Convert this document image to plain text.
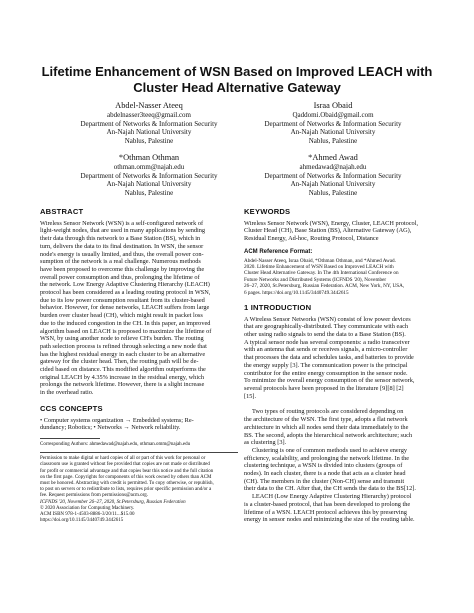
Lifetime Enhancement of WSN Based on Improved LEACH with
Cluster Head Alternative Gateway
Abdel-Nasser Ateeq
abdelnasser3teeq@gmail.com
Department of Networks & Information Security
An-Najah National University
Nablus, Palestine
Israa Obaid
Qaddomi.Obaid@gmail.com
Department of Networks & Information Security
An-Najah National University
Nablus, Palestine
*Othman Othman
othman.omm@najah.edu
Department of Networks & Information Security
An-Najah National University
Nablus, Palestine
*Ahmed Awad
ahmedawad@najah.edu
Department of Networks & Information Security
An-Najah National University
Nablus, Palestine
ABSTRACT
Wireless Sensor Network (WSN) is a self-configured network of
light-weight nodes, that are used in many applications by sending
their data through this network to a Base Station (BS), which in
turn, delivers the data to its final destination. In WSN, the sensor
node's energy is usually limited, and thus, the overall power con-
sumption of the network is a real challenge. Numerous methods
have been proposed to overcome this challenge by improving the
overall power consumption and thus, prolonging the lifetime of
the network. Low Energy Adaptive Clustering Hierarchy (LEACH)
protocol has been considered as a leading routing protocol in WSN,
due to its low power consumption resultant from its cluster-based
behavior. However, for dense networks, LEACH suffers from large
burden over cluster head (CH), which might result in packet loss
due to the induced congestion in the CH. In this paper, an improved
algorithm based on LEACH is proposed to maximize the lifetime of
WSN, by using another node to relieve CH's burden. The routing
path selection process is refined through selecting a new node that
has the highest residual energy in each cluster to be an alternative
gateway for the cluster head. Then, the routing path will be de-
cided based on distance. This modified algorithm outperforms the
original LEACH by 4.35% increase in the residual energy, which
prolongs the network lifetime. However, there is a slight increase
in the overhead ratio.
CCS CONCEPTS
• Computer systems organization → Embedded systems; Re-
dundancy; Robotics; • Networks → Network reliability.
Corresponding Authors: ahmedawad@najah.edu, othman.omm@najah.edu
Permission to make digital or hard copies of all or part of this work for personal or
classroom use is granted without fee provided that copies are not made or distributed
for profit or commercial advantage and that copies bear this notice and the full citation
on the first page. Copyrights for components of this work owned by others than ACM
must be honored. Abstracting with credit is permitted. To copy otherwise, or republish,
to post on servers or to redistribute to lists, requires prior specific permission and/or a
fee. Request permissions from permissions@acm.org.
ICFNDS '20, November 26–27, 2020, St.Petersburg, Russian Federation
© 2020 Association for Computing Machinery.
ACM ISBN 978-1-4503-8886-3/20/11...$15.00
https://doi.org/10.1145/3440749.3442615
KEYWORDS
Wireless Sensor Network (WSN), Energy, Cluster, LEACH protocol,
Cluster Head (CH), Base Station (BS), Alternative Gateway (AG),
Residual Energy, Ad-hoc, Routing Protocol, Distance
ACM Reference Format:
Abdel-Nasser Ateeq, Israa Obaid, *Othman Othman, and *Ahmed Awad.
2020. Lifetime Enhancement of WSN Based on Improved LEACH with
Cluster Head Alternative Gateway. In The 4th International Conference on
Future Networks and Distributed Systems (ICFNDS '20), November
26–27, 2020, St.Petersburg, Russian Federation. ACM, New York, NY, USA,
6 pages. https://doi.org/10.1145/3440749.3442615
1 INTRODUCTION
A Wireless Sensor Networks (WSN) consist of low power devices
that are geographically-distributed. They communicate with each
other using radio signals to send the data to a Base Station (BS).
A typical sensor node has several components: a radio transceiver
with an antenna that sends or receives signals, a micro-controller
that processes the data and schedules tasks, and batteries to provide
the energy supply [3]. The communication power is the principal
contributor for the entire energy consumption in the sensor node.
To minimize the overall energy consumption of the sensor network,
several protocols have been proposed in the literature [9][8] [2]
[15].
Two types of routing protocols are considered depending on
the architecture of the WSN. The first type, adopts a flat network
architecture in which all nodes send their data immediately to the
BS. The second, adopts the hierarchical network architecture; such
as clustering [3].
Clustering is one of common methods used to achieve energy
efficiency, scalability, and prolonging the network lifetime. In the
clustering technique, a WSN is divided into clusters (groups of
nodes). In each cluster, there is a node that acts as a cluster head
(CH). The members in the cluster (Non-CH) sense and transmit
their data to the CH. After that, the CH sends the data to the BS[12].
LEACH (Low Energy Adaptive Clustering Hierarchy) protocol
is a cluster-based protocol, that has been developed to prolong the
lifetime of a WSN. LEACH protocol achieves this by preserving
energy in sensor nodes and minimizing the size of the routing table.
